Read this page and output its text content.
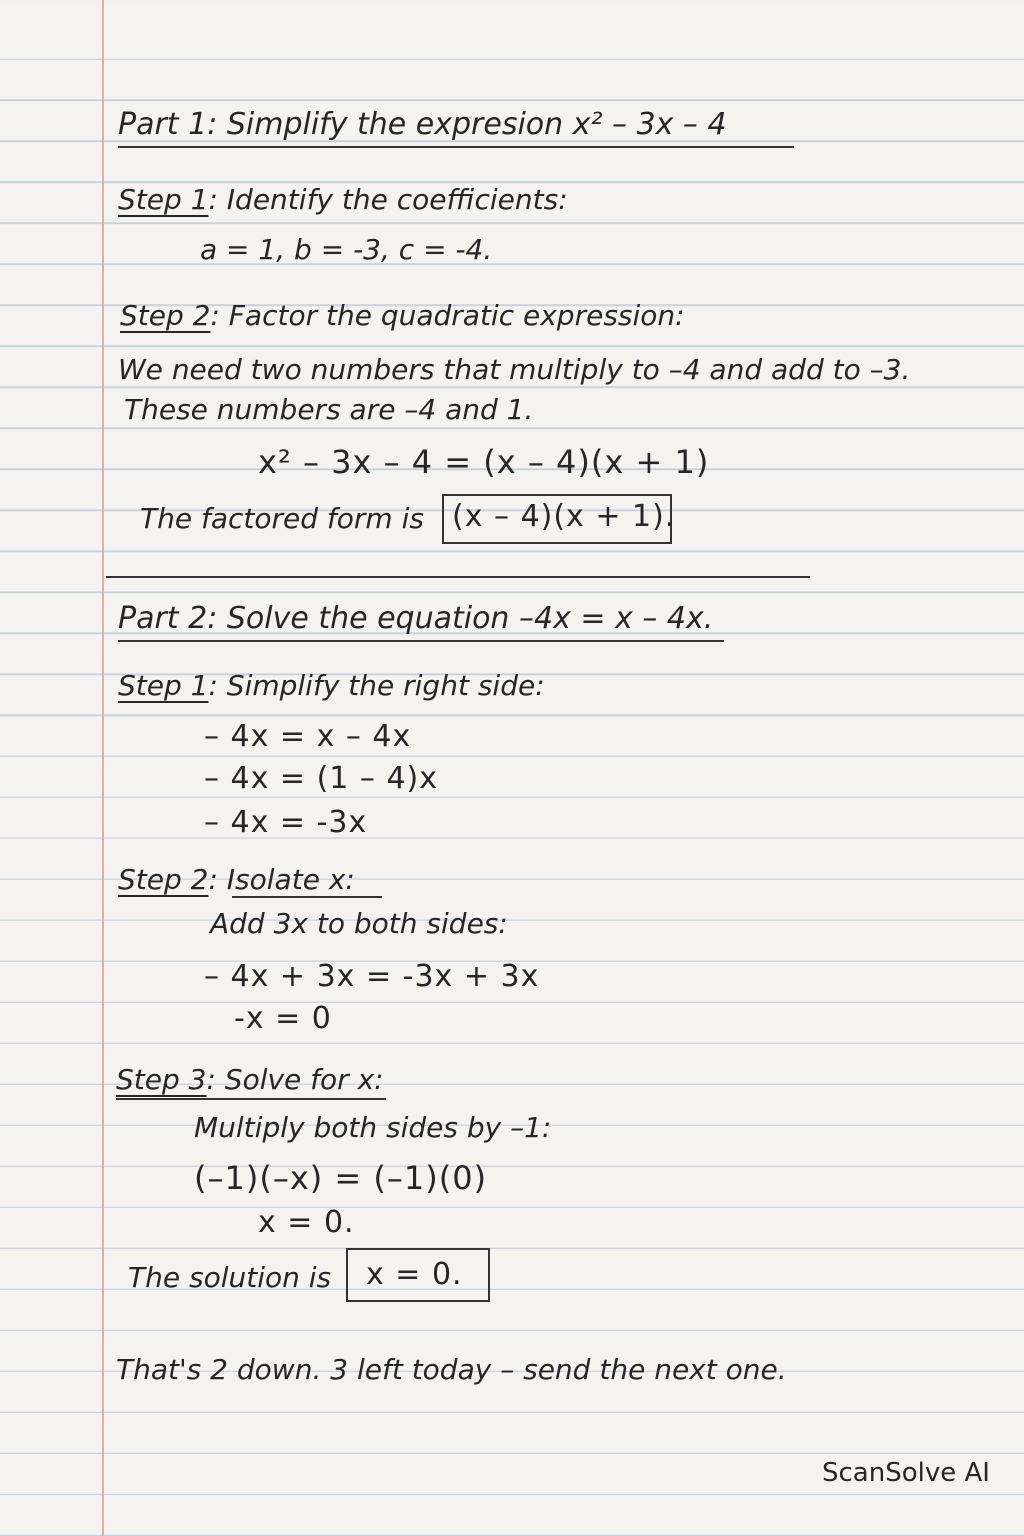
Part 1: Simplify the expresion x² – 3x – 4
Step 1: Identify the coefficients:
a = 1, b = -3, c = -4.
Step 2: Factor the quadratic expression:
We need two numbers that multiply to –4 and add to –3.
These numbers are –4 and 1.
x² – 3x – 4 = (x – 4)(x + 1)
The factored form is (x – 4)(x + 1).
Part 2: Solve the equation –4x = x – 4x.
Step 1: Simplify the right side:
– 4x = x – 4x
– 4x = (1 – 4)x
– 4x = -3x
Step 2: Isolate x:
Add 3x to both sides:
– 4x + 3x = -3x + 3x
-x = 0
Step 3: Solve for x:
Multiply both sides by –1:
(–1)(–x) = (–1)(0)
x = 0.
The solution is x = 0.
That's 2 down. 3 left today – send the next one.
ScanSolve AI
